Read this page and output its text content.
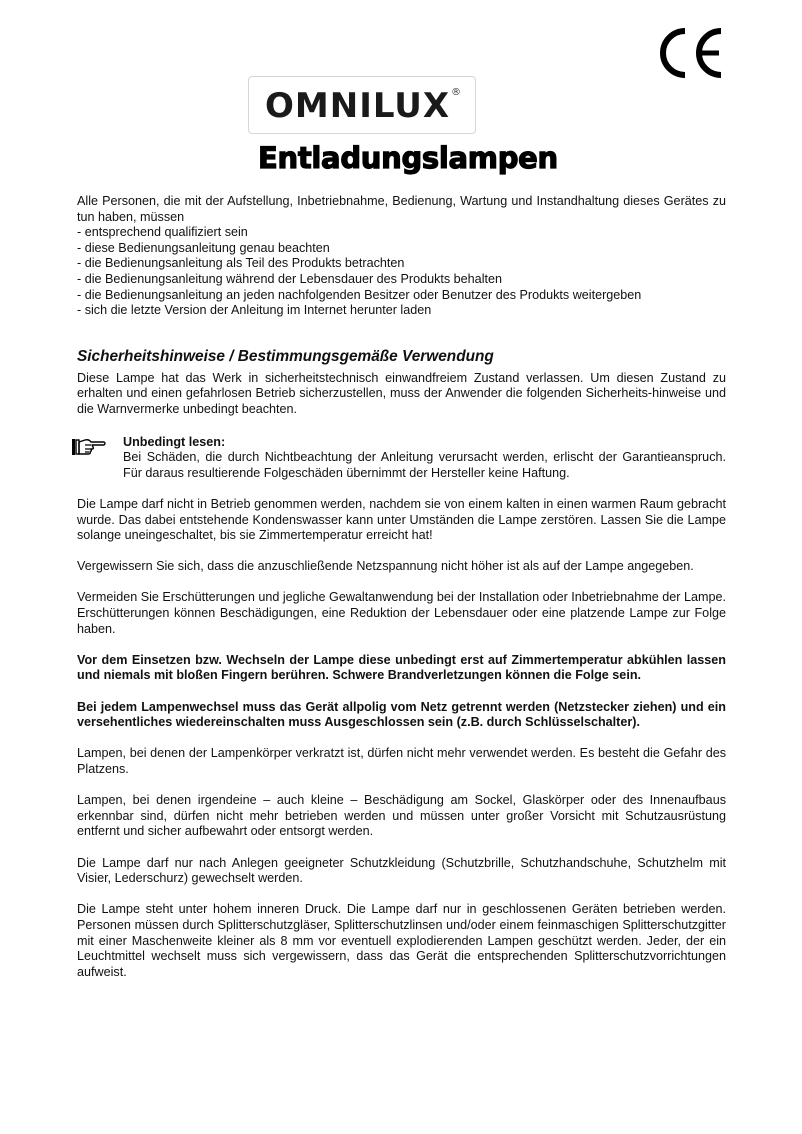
OMNILUX ®
Entladungslampen

Alle Personen, die mit der Aufstellung, Inbetriebnahme, Bedienung, Wartung und Instandhaltung dieses Gerätes zu tun haben, müssen

- entsprechend qualifiziert sein
- diese Bedienungsanleitung genau beachten
- die Bedienungsanleitung als Teil des Produkts betrachten
- die Bedienungsanleitung während der Lebensdauer des Produkts behalten
- die Bedienungsanleitung an jeden nachfolgenden Besitzer oder Benutzer des Produkts weitergeben
- sich die letzte Version der Anleitung im Internet herunter laden
Sicherheitshinweise / Bestimmungsgemäße Verwendung

Diese Lampe hat das Werk in sicherheitstechnisch einwandfreiem Zustand verlassen. Um diesen Zustand zu erhalten und einen gefahrlosen Betrieb sicherzustellen, muss der Anwender die folgenden Sicherheits-hinweise und die Warnvermerke unbedingt beachten.

Unbedingt lesen:

Bei Schäden, die durch Nichtbeachtung der Anleitung verursacht werden, erlischt der Garantieanspruch. Für daraus resultierende Folgeschäden übernimmt der Hersteller keine Haftung.

Die Lampe darf nicht in Betrieb genommen werden, nachdem sie von einem kalten in einen warmen Raum gebracht wurde. Das dabei entstehende Kondenswasser kann unter Umständen die Lampe zerstören. Lassen Sie die Lampe solange uneingeschaltet, bis sie Zimmertemperatur erreicht hat!

Vergewissern Sie sich, dass die anzuschließende Netzspannung nicht höher ist als auf der Lampe angegeben.

Vermeiden Sie Erschütterungen und jegliche Gewaltanwendung bei der Installation oder Inbetriebnahme der Lampe. Erschütterungen können Beschädigungen, eine Reduktion der Lebensdauer oder eine platzende Lampe zur Folge haben.

Vor dem Einsetzen bzw. Wechseln der Lampe diese unbedingt erst auf Zimmertemperatur abkühlen lassen und niemals mit bloßen Fingern berühren. Schwere Brandverletzungen können die Folge sein.

Bei jedem Lampenwechsel muss das Gerät allpolig vom Netz getrennt werden (Netzstecker ziehen) und ein versehentliches wiedereinschalten muss Ausgeschlossen sein (z.B. durch Schlüsselschalter).

Lampen, bei denen der Lampenkörper verkratzt ist, dürfen nicht mehr verwendet werden. Es besteht die Gefahr des Platzens.

Lampen, bei denen irgendeine – auch kleine – Beschädigung am Sockel, Glaskörper oder des Innenaufbaus erkennbar sind, dürfen nicht mehr betrieben werden und müssen unter großer Vorsicht mit Schutzausrüstung entfernt und sicher aufbewahrt oder entsorgt werden.

Die Lampe darf nur nach Anlegen geeigneter Schutzkleidung (Schutzbrille, Schutzhandschuhe, Schutzhelm mit Visier, Lederschurz) gewechselt werden.

Die Lampe steht unter hohem inneren Druck. Die Lampe darf nur in geschlossenen Geräten betrieben werden. Personen müssen durch Splitterschutzgläser, Splitterschutzlinsen und/oder einem feinmaschigen Splitterschutzgitter mit einer Maschenweite kleiner als 8 mm vor eventuell explodierenden Lampen geschützt werden. Jeder, der ein Leuchtmittel wechselt muss sich vergewissern, dass das Gerät die entsprechenden Splitterschutzvorrichtungen aufweist.
